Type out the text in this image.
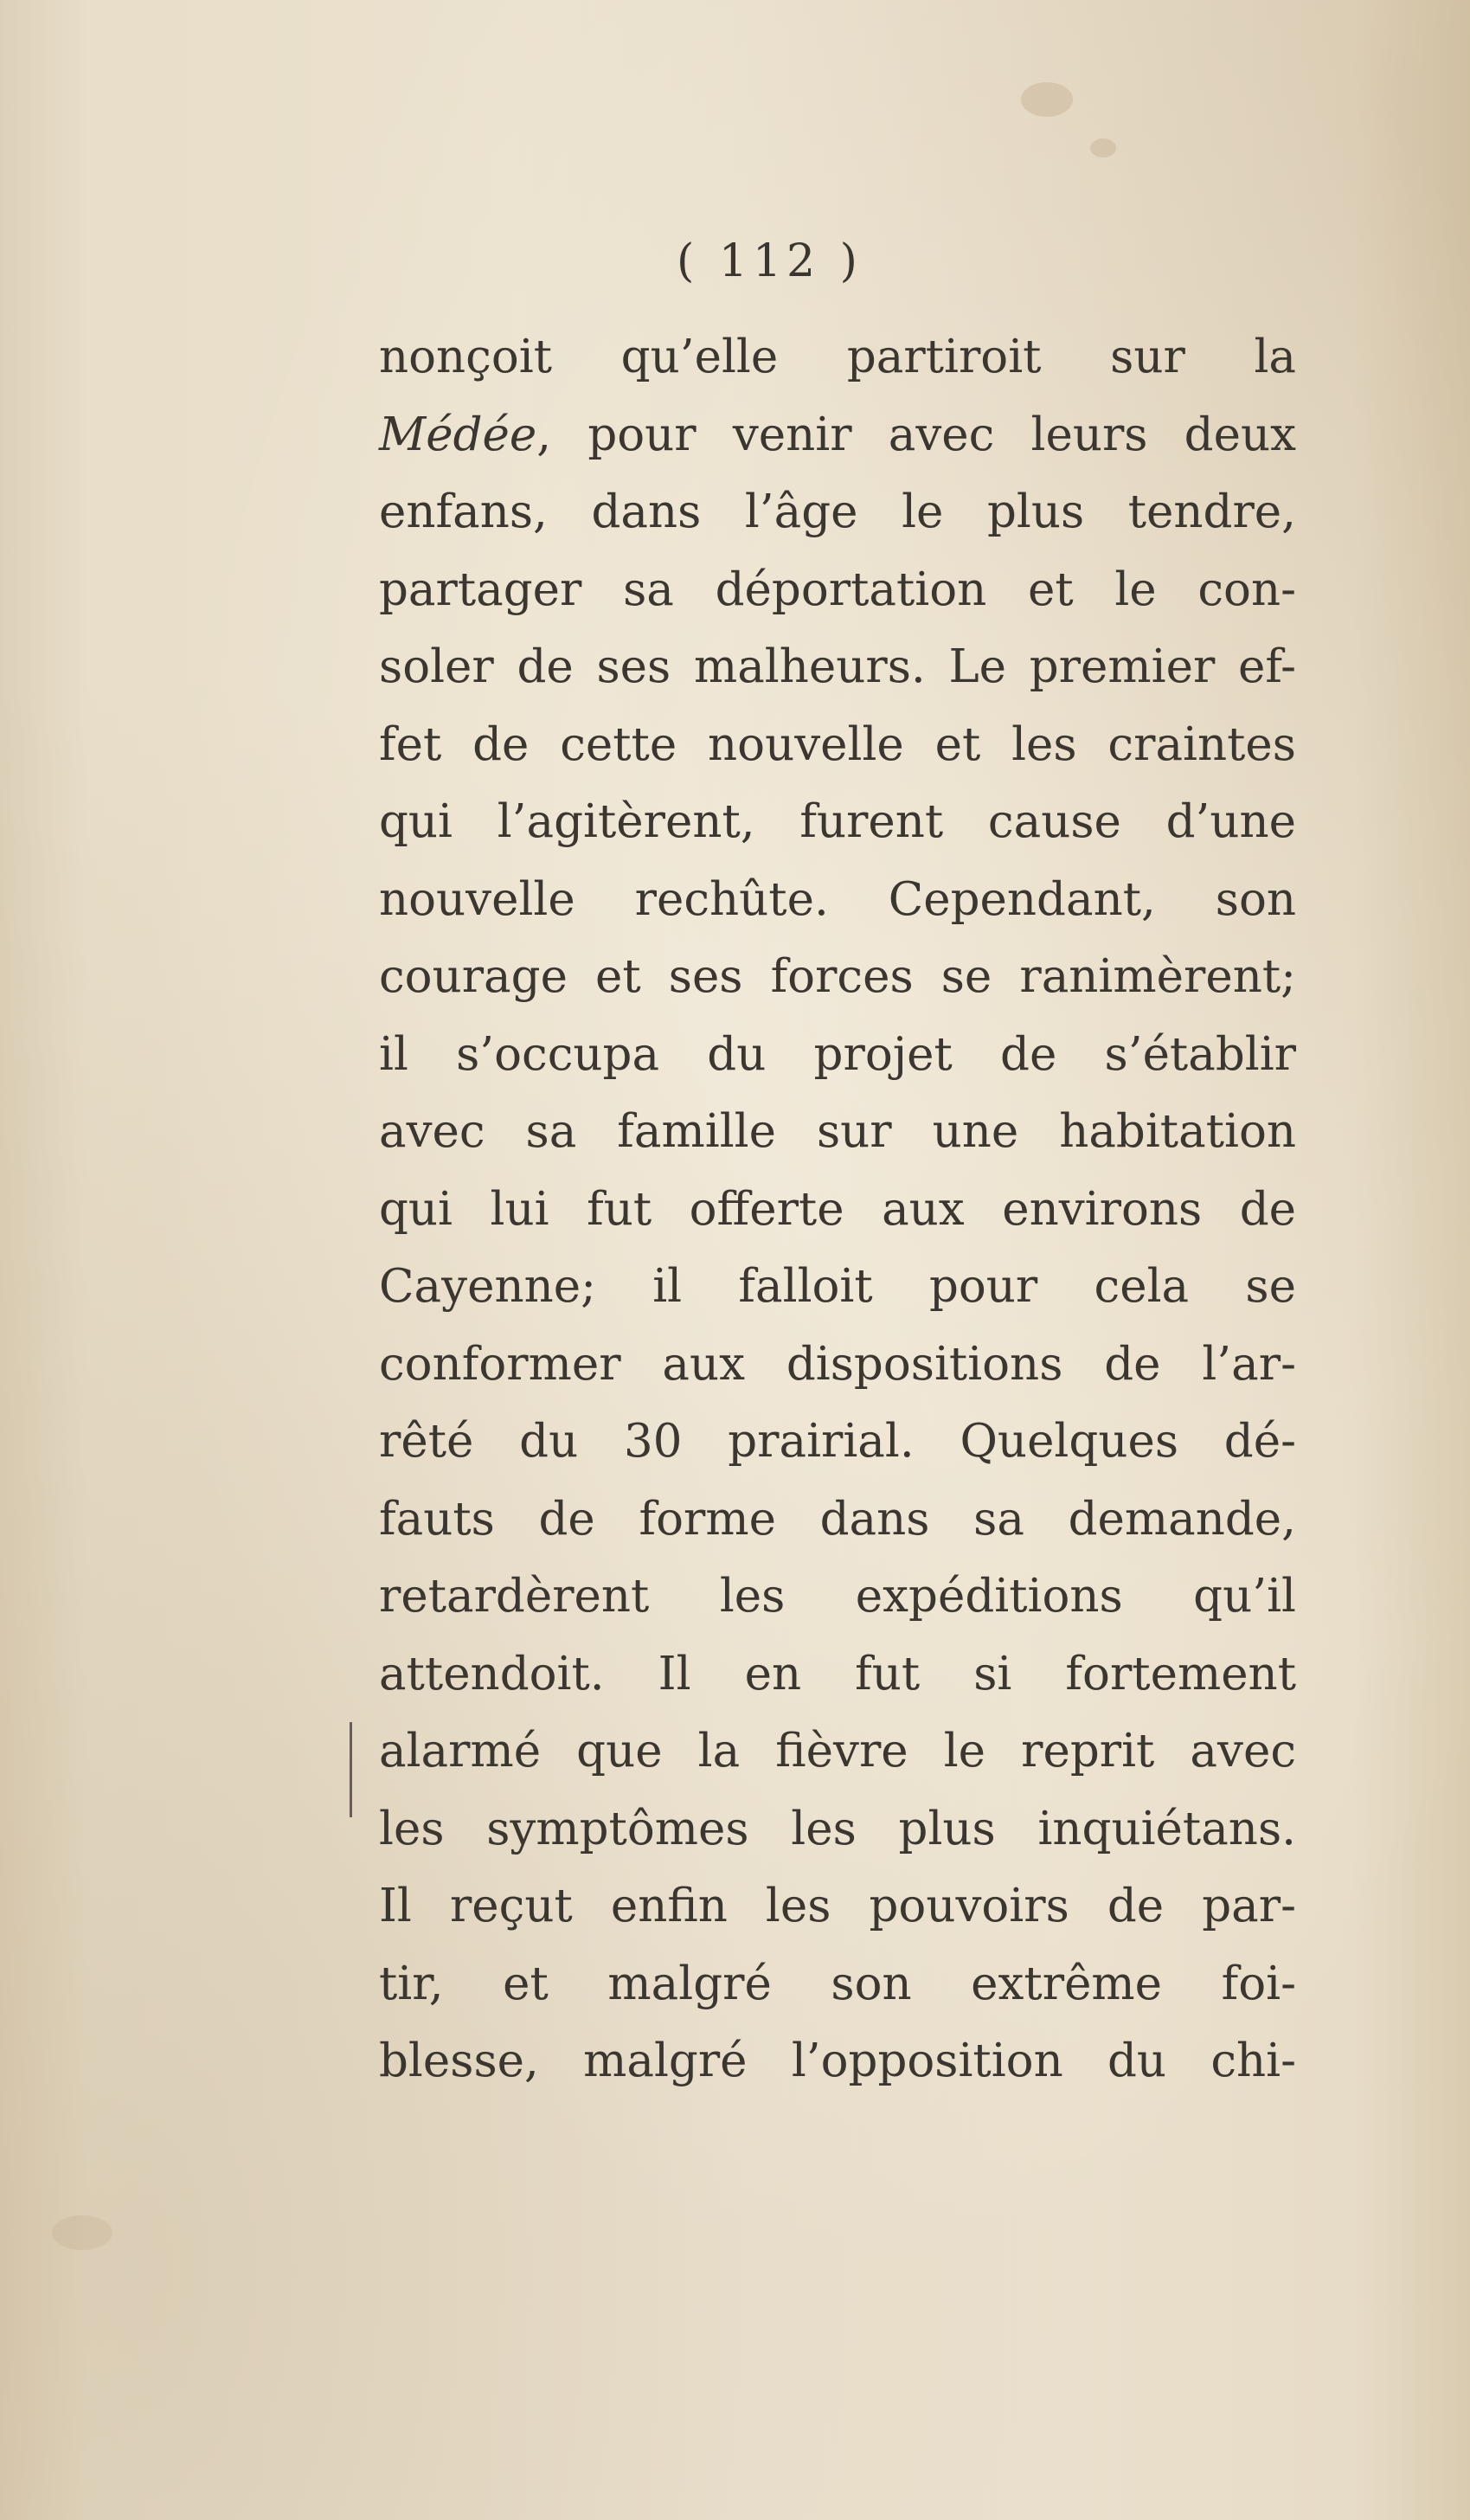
( 112 )
nonçoit qu’elle partiroit sur la
Médée, pour venir avec leurs deux
enfans, dans l’âge le plus tendre,
partager sa déportation et le con-
soler de ses malheurs. Le premier ef-
fet de cette nouvelle et les craintes
qui l’agitèrent, furent cause d’une
nouvelle rechûte. Cependant, son
courage et ses forces se ranimèrent;
il s’occupa du projet de s’établir
avec sa famille sur une habitation
qui lui fut offerte aux environs de
Cayenne; il falloit pour cela se
conformer aux dispositions de l’ar-
rêté du 30 prairial. Quelques dé-
fauts de forme dans sa demande,
retardèrent les expéditions qu’il
attendoit. Il en fut si fortement
alarmé que la fièvre le reprit avec
les symptômes les plus inquiétans.
Il reçut enfin les pouvoirs de par-
tir, et malgré son extrême foi-
blesse, malgré l’opposition du chi-
